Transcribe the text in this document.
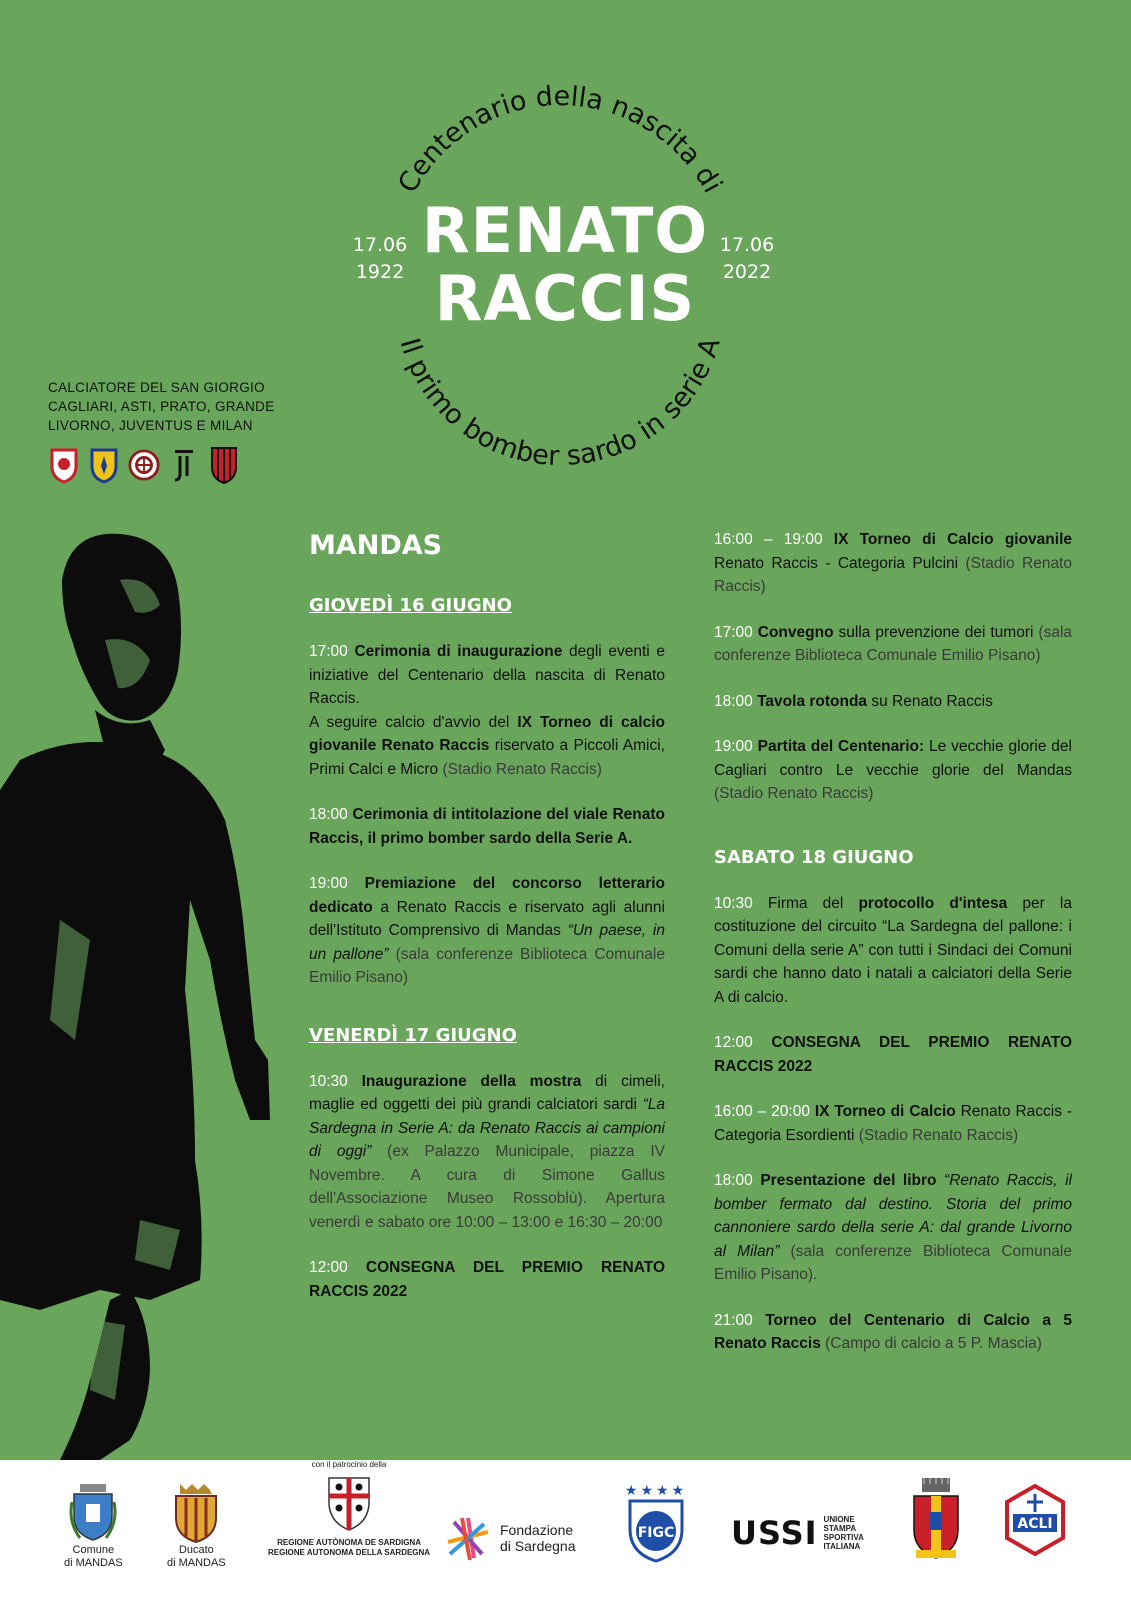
Centenario della nascita di
Il primo bomber sardo in serie A
RENATO
RACCIS
17.06
1922
17.06
2022
CALCIATORE DEL SAN GIORGIO
CAGLIARI, ASTI, PRATO, GRANDE
LIVORNO, JUVENTUS E MILAN
MANDAS
GIOVEDÌ 16 GIUGNO
17:00 Cerimonia di inaugurazione degli eventi e iniziative del Centenario della nascita di Renato Raccis.
A seguire calcio d'avvio del IX Torneo di calcio giovanile Renato Raccis riservato a Piccoli Amici, Primi Calci e Micro (Stadio Renato Raccis)
18:00 Cerimonia di intitolazione del viale Renato Raccis, il primo bomber sardo della Serie A.
19:00 Premiazione del concorso letterario dedicato a Renato Raccis e riservato agli alunni dell'Istituto Comprensivo di Mandas “Un paese, in un pallone” (sala conferenze Biblioteca Comunale Emilio Pisano)
VENERDÌ 17 GIUGNO
10:30 Inaugurazione della mostra di cimeli, maglie ed oggetti dei più grandi calciatori sardi “La Sardegna in Serie A: da Renato Raccis ai campioni di oggi” (ex Palazzo Municipale, piazza IV Novembre. A cura di Simone Gallus dell'Associazione Museo Rossoblù). Apertura venerdì e sabato ore 10:00 – 13:00 e 16:30 – 20:00
12:00 CONSEGNA DEL PREMIO RENATO RACCIS 2022
16:00 – 19:00 IX Torneo di Calcio giovanile Renato Raccis - Categoria Pulcini (Stadio Renato Raccis)
17:00 Convegno sulla prevenzione dei tumori (sala conferenze Biblioteca Comunale Emilio Pisano)
18:00 Tavola rotonda su Renato Raccis
19:00 Partita del Centenario: Le vecchie glorie del Cagliari contro Le vecchie glorie del Mandas (Stadio Renato Raccis)
SABATO 18 GIUGNO
10:30 Firma del protocollo d'intesa per la costituzione del circuito “La Sardegna del pallone: i Comuni della serie A” con tutti i Sindaci dei Comuni sardi che hanno dato i natali a calciatori della Serie A di calcio.
12:00 CONSEGNA DEL PREMIO RENATO RACCIS 2022
16:00 – 20:00 IX Torneo di Calcio Renato Raccis - Categoria Esordienti (Stadio Renato Raccis)
18:00 Presentazione del libro “Renato Raccis, il bomber fermato dal destino. Storia del primo cannoniere sardo della serie A: dal grande Livorno al Milan” (sala conferenze Biblioteca Comunale Emilio Pisano).
21:00 Torneo del Centenario di Calcio a 5 Renato Raccis (Campo di calcio a 5 P. Mascia)
Comune
di MANDAS
Ducato
di MANDAS
con il patrocinio della
REGIONE AUTÒNOMA DE SARDIGNA
REGIONE AUTONOMA DELLA SARDEGNA
Fondazione
di Sardegna
★★★★
FIGC USSI UNIONE
STAMPA
SPORTIVA
ITALIANA
ACLI
